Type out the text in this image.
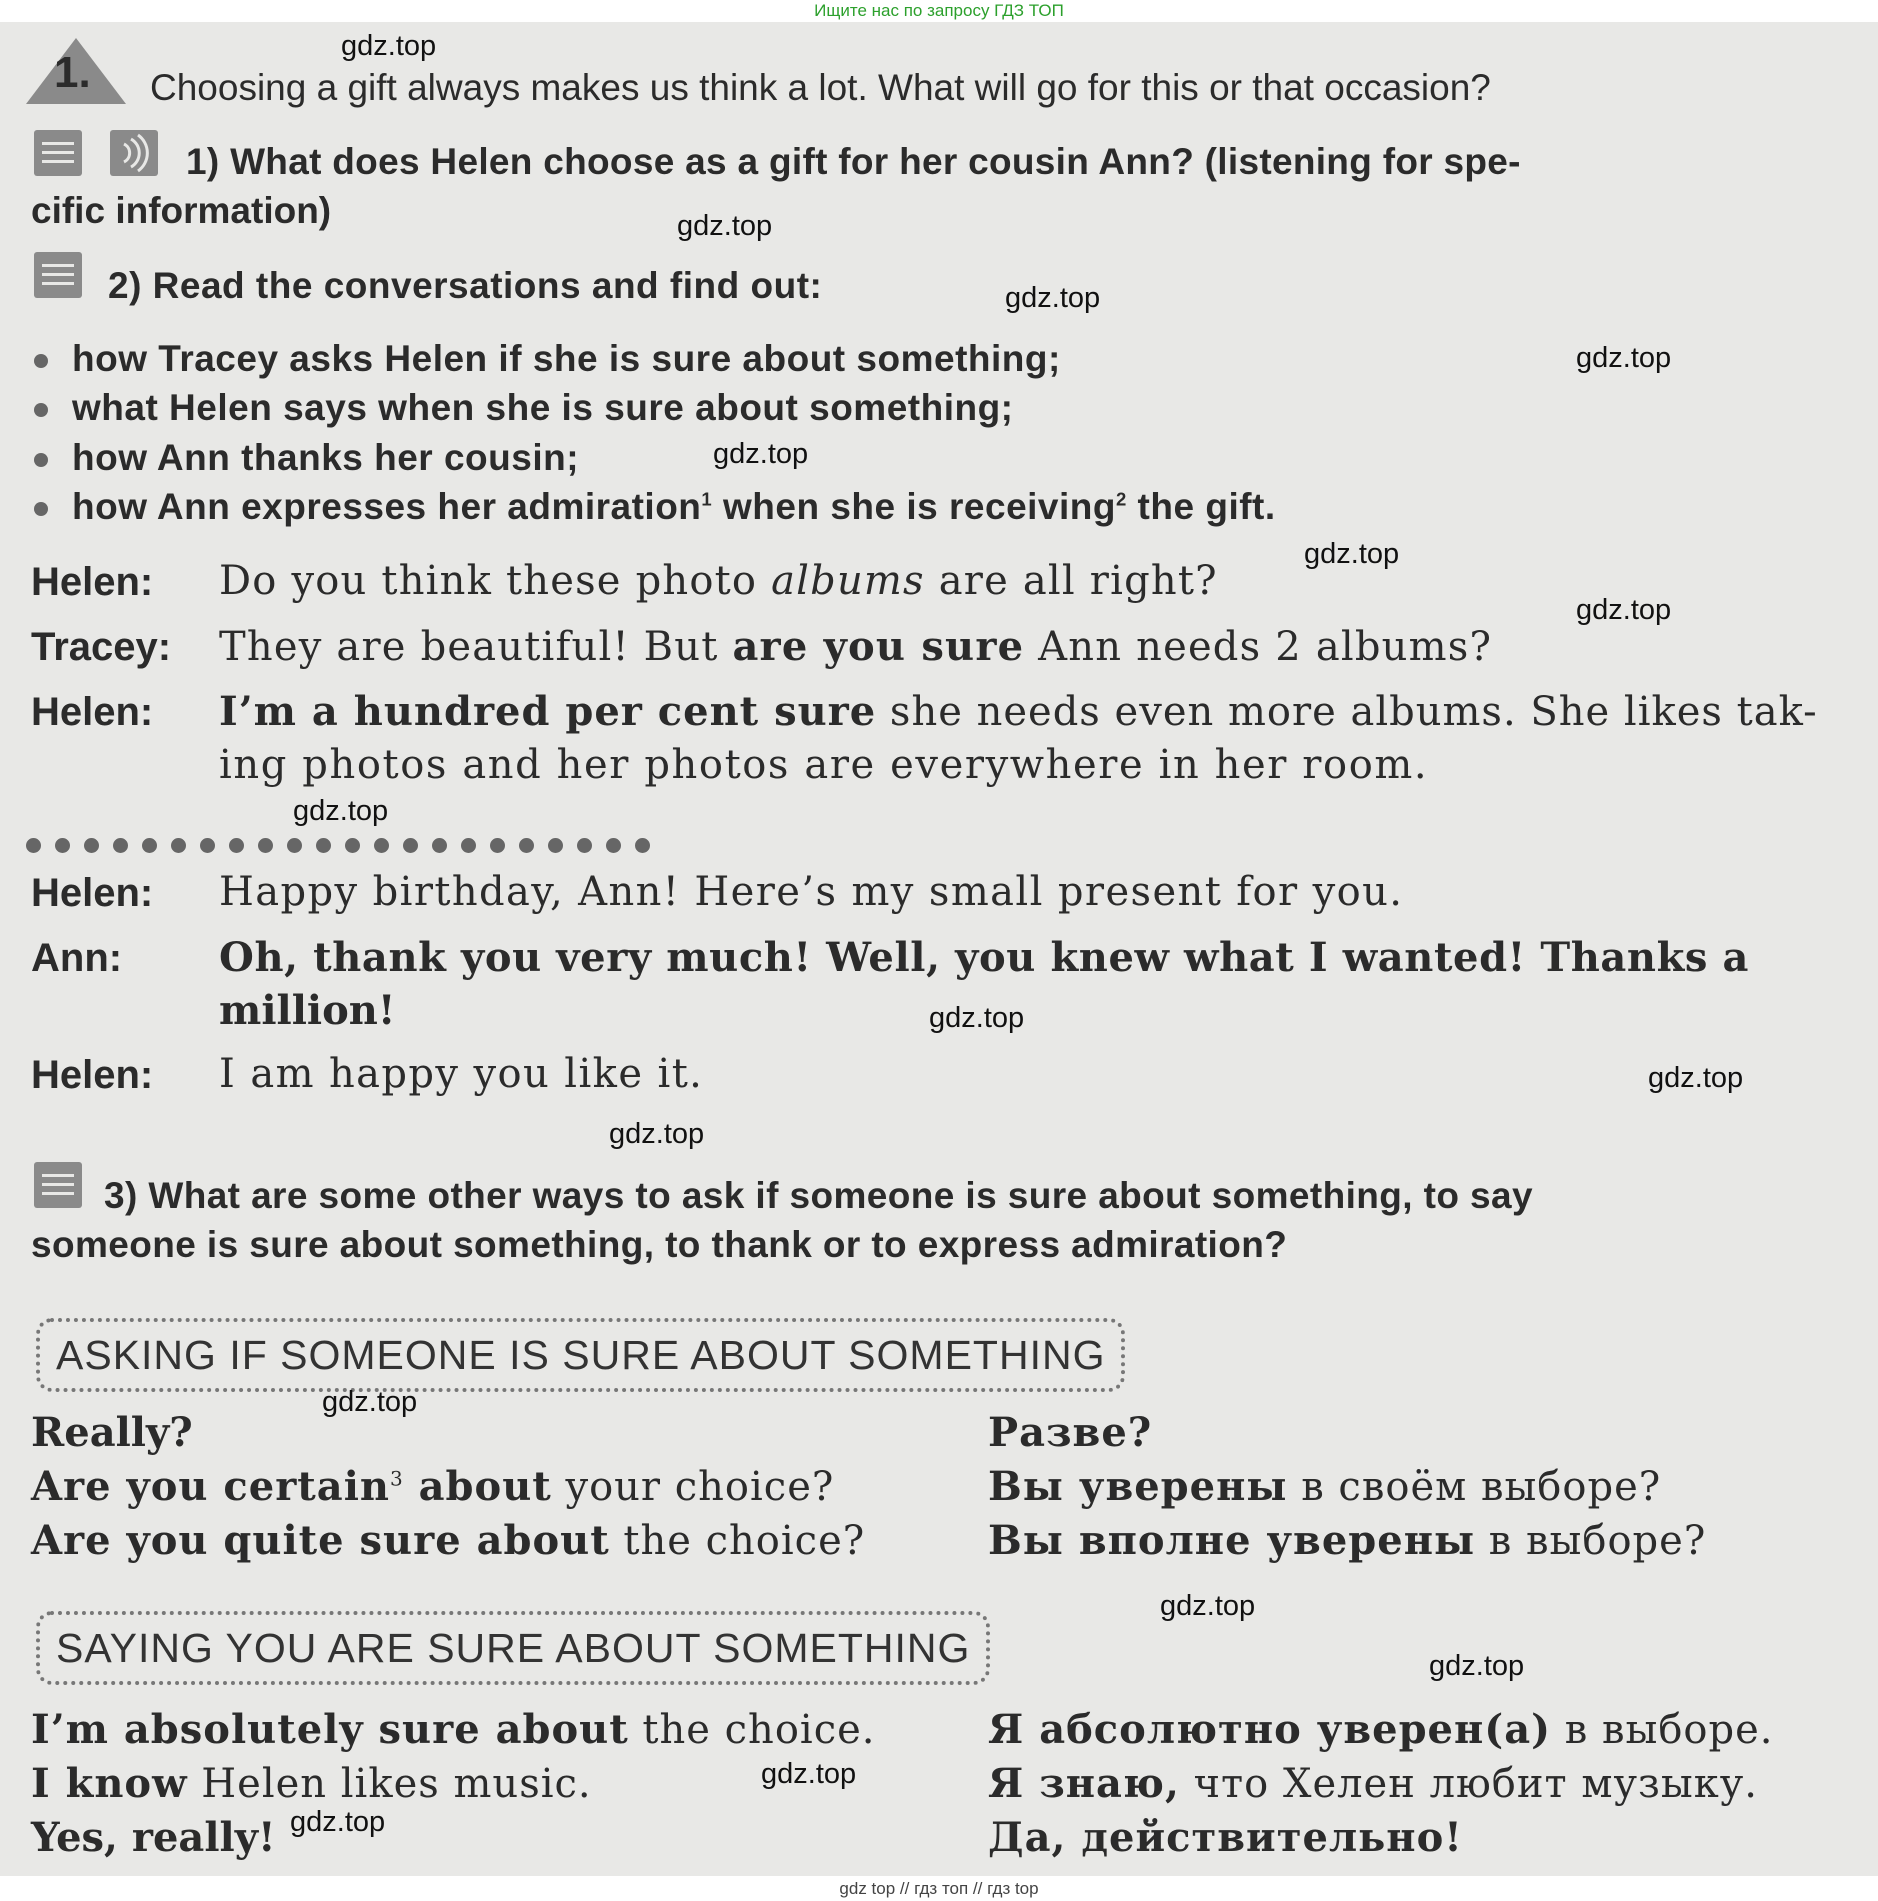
Ищите нас по запросу ГДЗ ТОП
1. Choosing a gift always makes us think a lot. What will go for this or that occasion?
1) What does Helen choose as a gift for her cousin Ann? (listening for spe-
cific information)
2) Read the conversations and find out:
how Tracey asks Helen if she is sure about something;
what Helen says when she is sure about something;
how Ann thanks her cousin;
how Ann expresses her admiration$^1$ when she is receiving$^2$ the gift.
Helen: Do you think these photo albums are all right?
Tracey: They are beautiful! But are you sure Ann needs 2 albums?
Helen: I’m a hundred per cent sure she needs even more albums. She likes tak-
ing photos and her photos are everywhere in her room.
Helen: Happy birthday, Ann! Here’s my small present for you.
Ann: Oh, thank you very much! Well, you knew what I wanted! Thanks a
million!
Helen: I am happy you like it.
3) What are some other ways to ask if someone is sure about something, to say
someone is sure about something, to thank or to express admiration?
ASKING IF SOMEONE IS SURE ABOUT SOMETHING
Really?	Разве?
Are you certain$^3$ about your choice?	Вы уверены в своём выборе?
Are you quite sure about the choice?	Вы вполне уверены в выборе?
SAYING YOU ARE SURE ABOUT SOMETHING
I’m absolutely sure about the choice.	Я абсолютно уверен(а) в выборе.
I know Helen likes music.	Я знаю, что Хелен любит музыку.
Yes, really!	Да, действительно!
gdz.top
gdz.top
gdz.top
gdz.top
gdz.top
gdz.top
gdz.top
gdz.top
gdz.top
gdz.top
gdz.top
gdz.top
gdz.top
gdz.top
gdz.top
gdz.top
gdz top // гдз топ // гдз top
